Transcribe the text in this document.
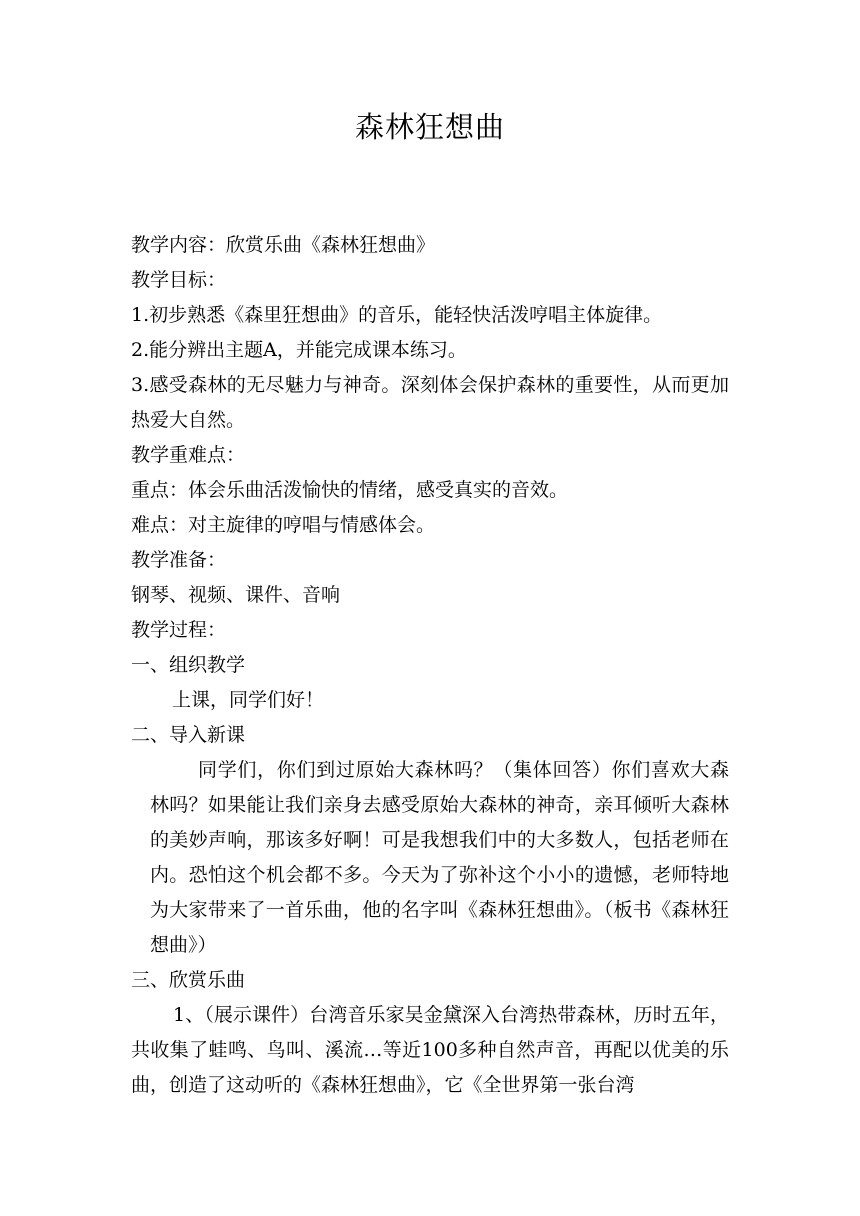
森林狂想曲

教学内容：欣赏乐曲《森林狂想曲》

教学目标：

1.初步熟悉《森里狂想曲》的音乐，能轻快活泼哼唱主体旋律。

2.能分辨出主题A，并能完成课本练习。

3.感受森林的无尽魅力与神奇。深刻体会保护森林的重要性，从而更加热爱大自然。

教学重难点：

重点：体会乐曲活泼愉快的情绪，感受真实的音效。

难点：对主旋律的哼唱与情感体会。

教学准备：

钢琴、视频、课件、音响

教学过程：

一、组织教学

上课，同学们好！

二、导入新课

同学们，你们到过原始大森林吗？（集体回答）你们喜欢大森林吗？如果能让我们亲身去感受原始大森林的神奇，亲耳倾听大森林的美妙声响，那该多好啊！可是我想我们中的大多数人，包括老师在内。恐怕这个机会都不多。今天为了弥补这个小小的遗憾，老师特地为大家带来了一首乐曲，他的名字叫《森林狂想曲》。（板书《森林狂想曲》）

三、欣赏乐曲

1、（展示课件）台湾音乐家吴金黛深入台湾热带森林，历时五年，共收集了蛙鸣、鸟叫、溪流…等近100多种自然声音，再配以优美的乐曲，创造了这动听的《森林狂想曲》，它《全世界第一张台湾
